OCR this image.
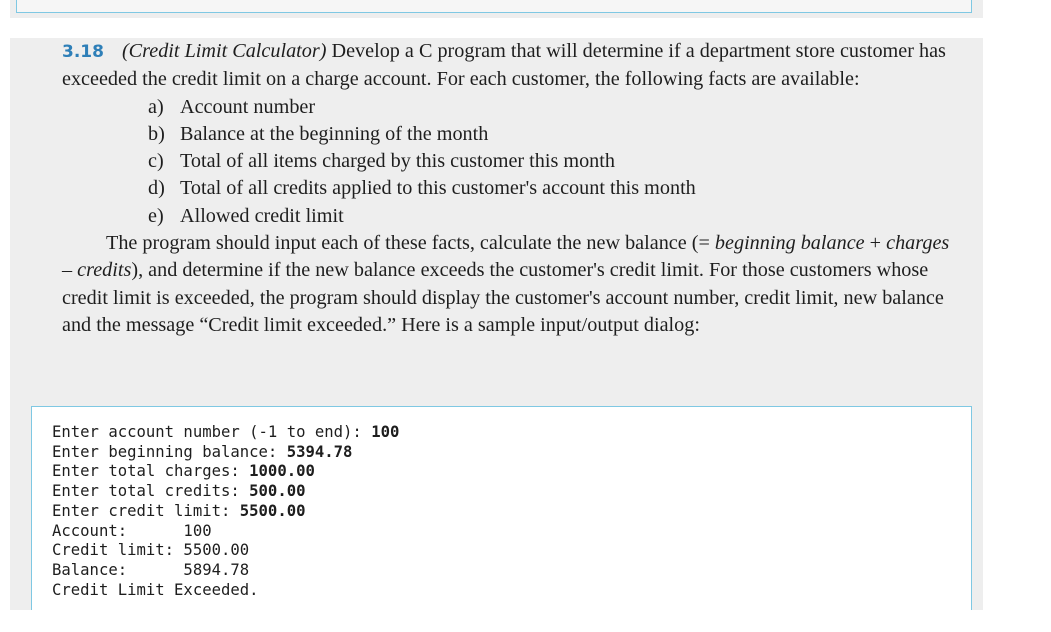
3.18 (Credit Limit Calculator) Develop a C program that will determine if a department store customer has exceeded the credit limit on a charge account. For each customer, the following facts are available:

a) Account number
b) Balance at the beginning of the month
c) Total of all items charged by this customer this month
d) Total of all credits applied to this customer's account this month
e) Allowed credit limit

The program should input each of these facts, calculate the new balance (= beginning balance + charges – credits), and determine if the new balance exceeds the customer's credit limit. For those customers whose credit limit is exceeded, the program should display the customer's account number, credit limit, new balance and the message “Credit limit exceeded.” Here is a sample input/output dialog:

Enter account number (-1 to end): 100
Enter beginning balance: 5394.78
Enter total charges: 1000.00
Enter total credits: 500.00
Enter credit limit: 5500.00
Account:      100
Credit limit: 5500.00
Balance:      5894.78
Credit Limit Exceeded.
